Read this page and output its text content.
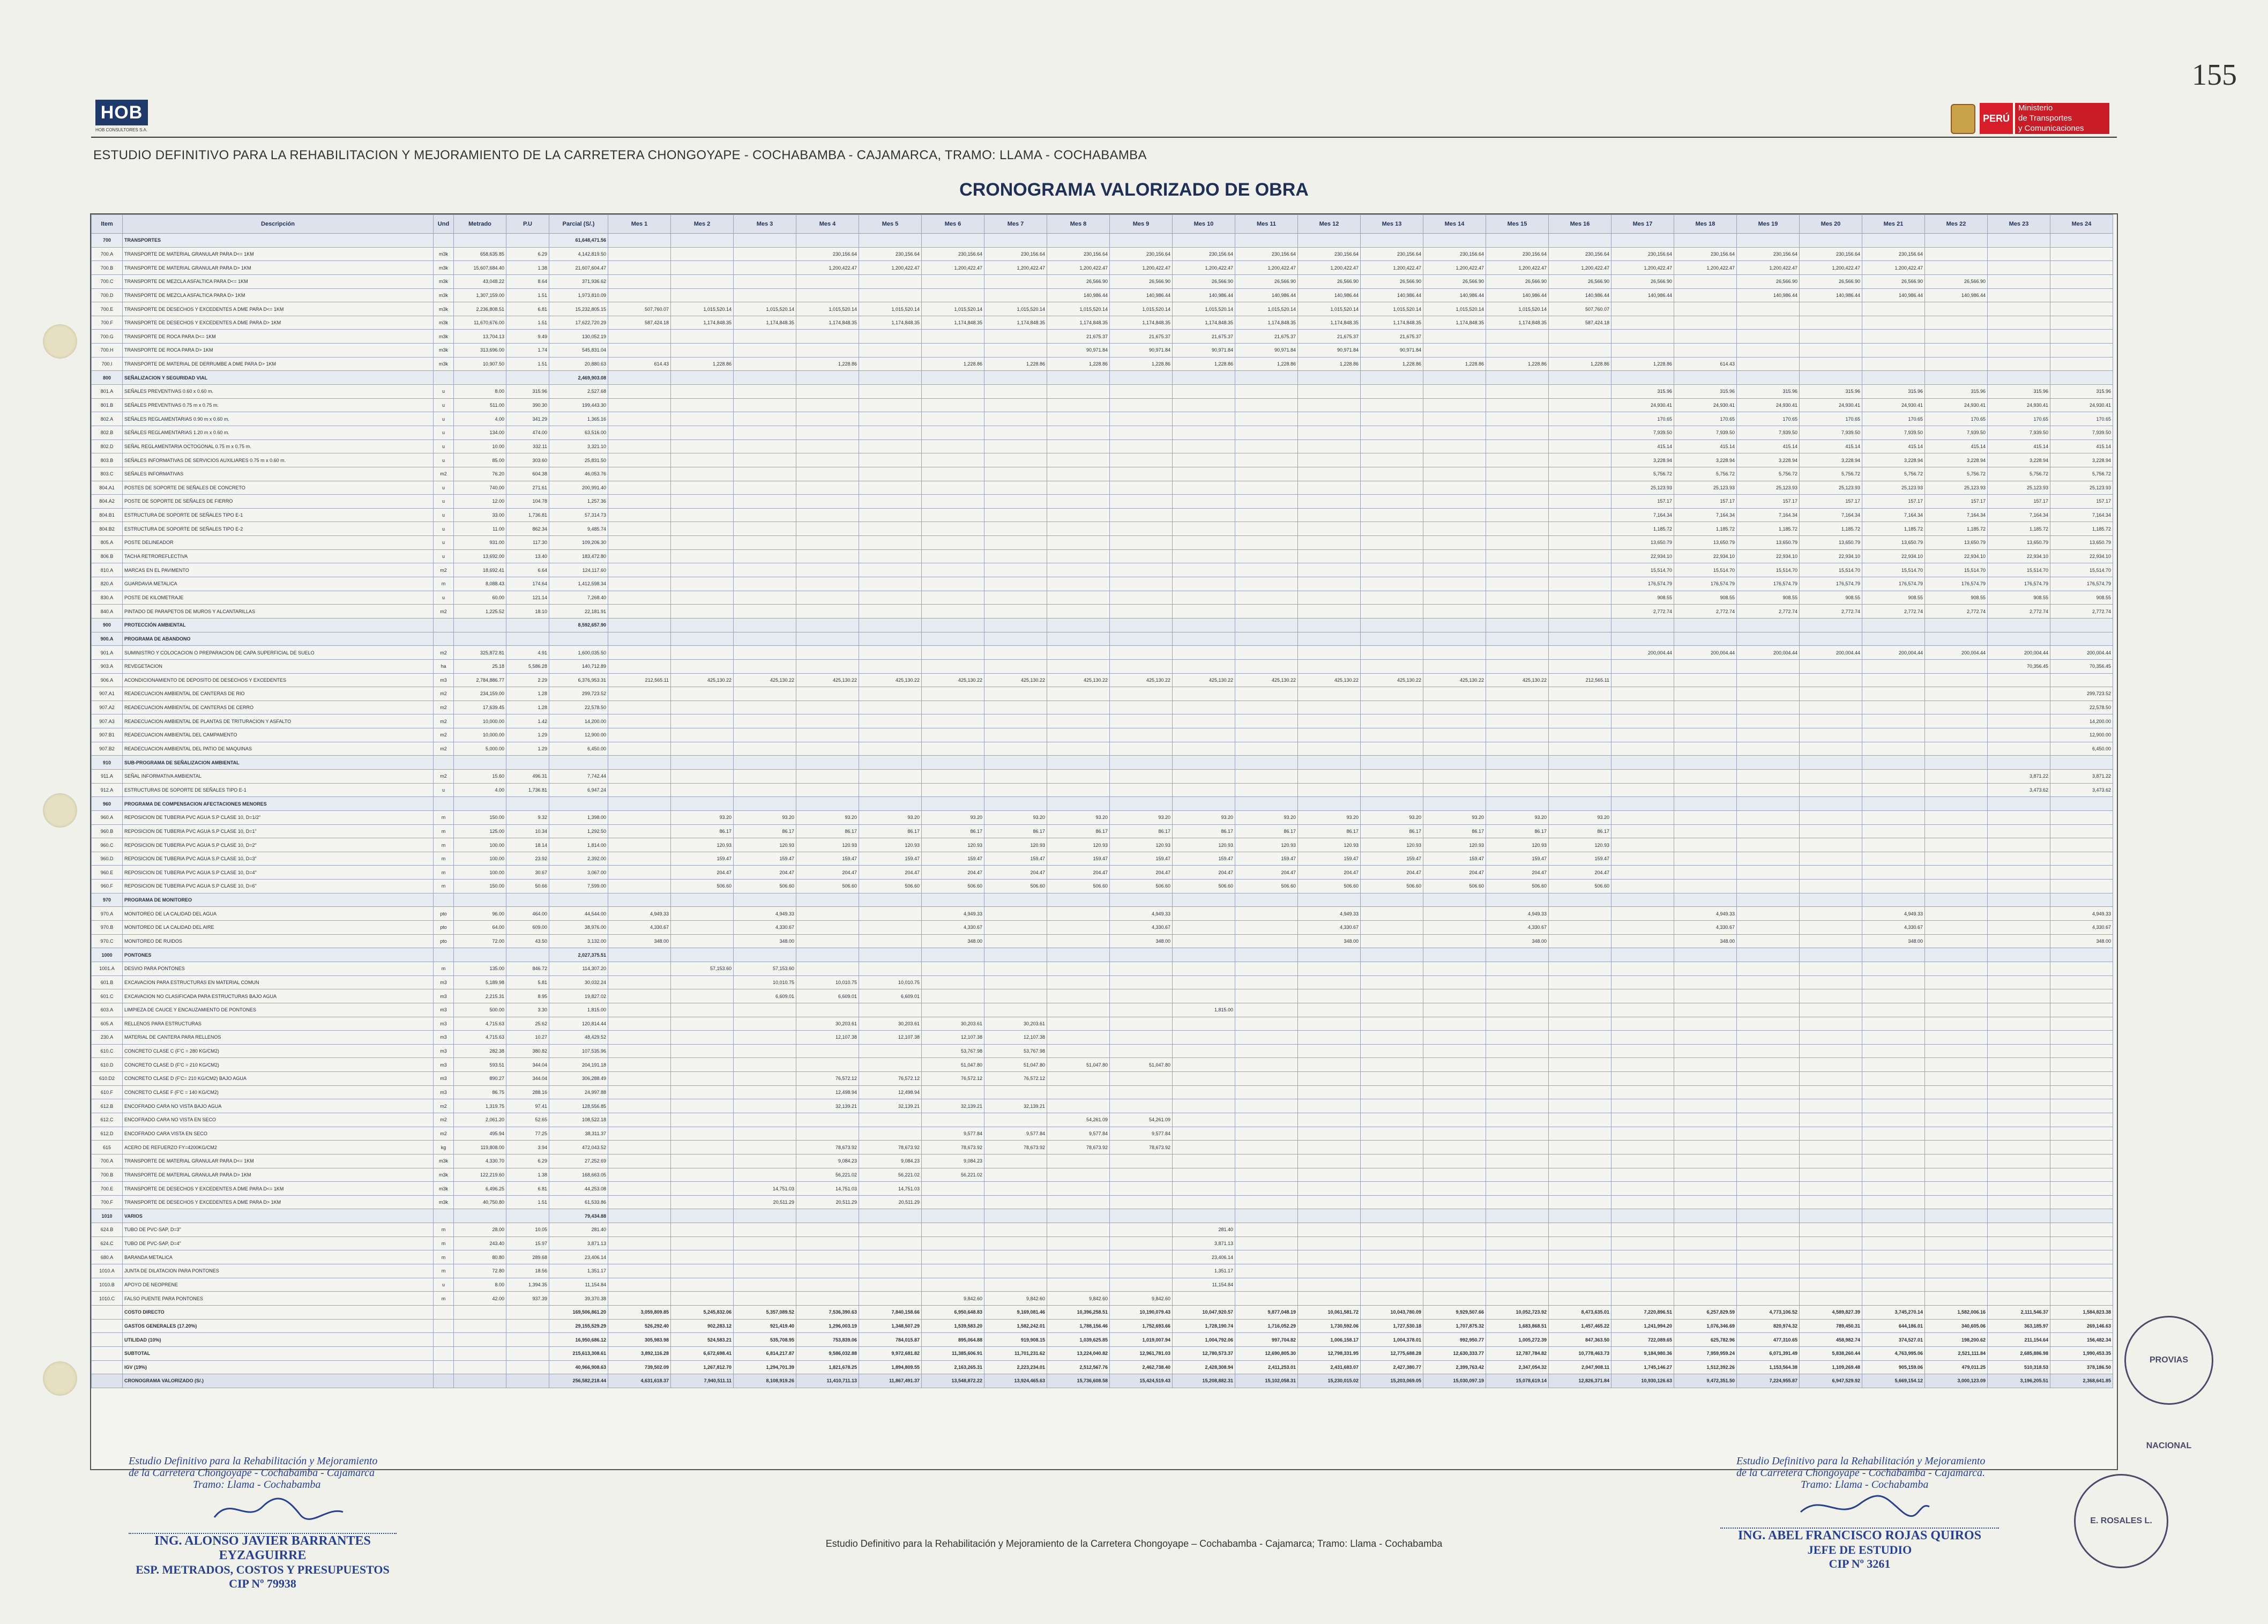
HOB
HOB CONSULTORES S.A.
155
PERÚ
Ministerio
de Transportes
y Comunicaciones
ESTUDIO DEFINITIVO PARA LA REHABILITACION Y MEJORAMIENTO DE LA CARRETERA CHONGOYAPE - COCHABAMBA - CAJAMARCA, TRAMO: LLAMA - COCHABAMBA
CRONOGRAMA VALORIZADO DE OBRA
Item	Descripción	Und	Metrado	P.U	Parcial (S/.)	Mes 1	Mes 2	Mes 3	Mes 4	Mes 5	Mes 6	Mes 7	Mes 8	Mes 9	Mes 10	Mes 11	Mes 12	Mes 13	Mes 14	Mes 15	Mes 16	Mes 17	Mes 18	Mes 19	Mes 20	Mes 21	Mes 22	Mes 23	Mes 24
700	TRANSPORTES				61,648,471.56																								
700.A	TRANSPORTE DE MATERIAL GRANULAR PARA D<= 1KM	m3k	658,635.85	6.29	4,142,819.50				230,156.64	230,156.64	230,156.64	230,156.64	230,156.64	230,156.64	230,156.64	230,156.64	230,156.64	230,156.64	230,156.64	230,156.64	230,156.64	230,156.64	230,156.64	230,156.64	230,156.64	230,156.64			
700.B	TRANSPORTE DE MATERIAL GRANULAR PARA D> 1KM	m3k	15,607,684.40	1.38	21,607,604.47				1,200,422.47	1,200,422.47	1,200,422.47	1,200,422.47	1,200,422.47	1,200,422.47	1,200,422.47	1,200,422.47	1,200,422.47	1,200,422.47	1,200,422.47	1,200,422.47	1,200,422.47	1,200,422.47	1,200,422.47	1,200,422.47	1,200,422.47	1,200,422.47			
700.C	TRANSPORTE DE MEZCLA ASFALTICA PARA D<= 1KM	m3k	43,048.22	8.64	371,936.62								26,566.90	26,566.90	26,566.90	26,566.90	26,566.90	26,566.90	26,566.90	26,566.90	26,566.90	26,566.90		26,566.90	26,566.90	26,566.90	26,566.90		
700.D	TRANSPORTE DE MEZCLA ASFALTICA PARA D> 1KM	m3k	1,307,159.00	1.51	1,973,810.09								140,986.44	140,986.44	140,986.44	140,986.44	140,986.44	140,986.44	140,986.44	140,986.44	140,986.44	140,986.44		140,986.44	140,986.44	140,986.44	140,986.44		
700.E	TRANSPORTE DE DESECHOS Y EXCEDENTES A DME PARA D<= 1KM	m3k	2,236,808.51	6.81	15,232,805.15	507,760.07	1,015,520.14	1,015,520.14	1,015,520.14	1,015,520.14	1,015,520.14	1,015,520.14	1,015,520.14	1,015,520.14	1,015,520.14	1,015,520.14	1,015,520.14	1,015,520.14	1,015,520.14	1,015,520.14	507,760.07								
700.F	TRANSPORTE DE DESECHOS Y EXCEDENTES A DME PARA D> 1KM	m3k	11,670,676.00	1.51	17,622,720.29	587,424.18	1,174,848.35	1,174,848.35	1,174,848.35	1,174,848.35	1,174,848.35	1,174,848.35	1,174,848.35	1,174,848.35	1,174,848.35	1,174,848.35	1,174,848.35	1,174,848.35	1,174,848.35	1,174,848.35	587,424.18								
700.G	TRANSPORTE DE ROCA PARA D<= 1KM	m3k	13,704.13	9.49	130,052.19								21,675.37	21,675.37	21,675.37	21,675.37	21,675.37	21,675.37											
700.H	TRANSPORTE DE ROCA PARA D> 1KM	m3k	313,696.00	1.74	545,831.04								90,971.84	90,971.84	90,971.84	90,971.84	90,971.84	90,971.84											
700.I	TRANSPORTE DE MATERIAL DE DERRUMBE A DME PARA D> 1KM	m3k	10,907.50	1.51	20,880.63	614.43	1,228.86		1,228.86		1,228.86	1,228.86	1,228.86	1,228.86	1,228.86	1,228.86	1,228.86	1,228.86	1,228.86	1,228.86	1,228.86	1,228.86	614.43						
800	SEÑALIZACION Y SEGURIDAD VIAL				2,469,903.08																								
801.A	SEÑALES PREVENTIVAS 0.60 x 0.60 m.	u	8.00	315.96	2,527.68																	315.96	315.96	315.96	315.96	315.96	315.96	315.96	315.96
801.B	SEÑALES PREVENTIVAS 0.75 m x 0.75 m.	u	511.00	390.30	199,443.30																	24,930.41	24,930.41	24,930.41	24,930.41	24,930.41	24,930.41	24,930.41	24,930.41
802.A	SEÑALES REGLAMENTARIAS 0.90 m x 0.60 m.	u	4.00	341.29	1,365.16																	170.65	170.65	170.65	170.65	170.65	170.65	170.65	170.65
802.B	SEÑALES REGLAMENTARIAS 1.20 m x 0.60 m.	u	134.00	474.00	63,516.00																	7,939.50	7,939.50	7,939.50	7,939.50	7,939.50	7,939.50	7,939.50	7,939.50
802.D	SEÑAL REGLAMENTARIA OCTOGONAL 0.75 m x 0.75 m.	u	10.00	332.11	3,321.10																	415.14	415.14	415.14	415.14	415.14	415.14	415.14	415.14
803.B	SEÑALES INFORMATIVAS DE SERVICIOS AUXILIARES 0.75 m x 0.60 m.	u	85.00	303.60	25,831.50																	3,228.94	3,228.94	3,228.94	3,228.94	3,228.94	3,228.94	3,228.94	3,228.94
803.C	SEÑALES INFORMATIVAS	m2	76.20	604.38	46,053.76																	5,756.72	5,756.72	5,756.72	5,756.72	5,756.72	5,756.72	5,756.72	5,756.72
804.A1	POSTES DE SOPORTE DE SEÑALES DE CONCRETO	u	740.00	271.61	200,991.40																	25,123.93	25,123.93	25,123.93	25,123.93	25,123.93	25,123.93	25,123.93	25,123.93
804.A2	POSTE DE SOPORTE DE SEÑALES DE FIERRO	u	12.00	104.78	1,257.36																	157.17	157.17	157.17	157.17	157.17	157.17	157.17	157.17
804.B1	ESTRUCTURA DE SOPORTE DE SEÑALES TIPO E-1	u	33.00	1,736.81	57,314.73																	7,164.34	7,164.34	7,164.34	7,164.34	7,164.34	7,164.34	7,164.34	7,164.34
804.B2	ESTRUCTURA DE SOPORTE DE SEÑALES TIPO E-2	u	11.00	862.34	9,485.74																	1,185.72	1,185.72	1,185.72	1,185.72	1,185.72	1,185.72	1,185.72	1,185.72
805.A	POSTE DELINEADOR	u	931.00	117.30	109,206.30																	13,650.79	13,650.79	13,650.79	13,650.79	13,650.79	13,650.79	13,650.79	13,650.79
806.B	TACHA RETROREFLECTIVA	u	13,692.00	13.40	183,472.80																	22,934.10	22,934.10	22,934.10	22,934.10	22,934.10	22,934.10	22,934.10	22,934.10
810.A	MARCAS EN EL PAVIMENTO	m2	18,692.41	6.64	124,117.60																	15,514.70	15,514.70	15,514.70	15,514.70	15,514.70	15,514.70	15,514.70	15,514.70
820.A	GUARDAVIA METALICA	m	8,088.43	174.64	1,412,598.34																	176,574.79	176,574.79	176,574.79	176,574.79	176,574.79	176,574.79	176,574.79	176,574.79
830.A	POSTE DE KILOMETRAJE	u	60.00	121.14	7,268.40																	908.55	908.55	908.55	908.55	908.55	908.55	908.55	908.55
840.A	PINTADO DE PARAPETOS DE MUROS Y ALCANTARILLAS	m2	1,225.52	18.10	22,181.91																	2,772.74	2,772.74	2,772.74	2,772.74	2,772.74	2,772.74	2,772.74	2,772.74
900	PROTECCIÓN AMBIENTAL				8,592,657.90																								
900.A	PROGRAMA DE ABANDONO																												
901.A	SUMINISTRO Y COLOCACION O PREPARACION DE CAPA SUPERFICIAL DE SUELO	m2	325,872.81	4.91	1,600,035.50																	200,004.44	200,004.44	200,004.44	200,004.44	200,004.44	200,004.44	200,004.44	200,004.44
903.A	REVEGETACION	ha	25.18	5,586.28	140,712.89																							70,356.45	70,356.45
906.A	ACONDICIONAMIENTO DE DEPOSITO DE DESECHOS Y EXCEDENTES	m3	2,784,886.77	2.29	6,376,953.31	212,565.11	425,130.22	425,130.22	425,130.22	425,130.22	425,130.22	425,130.22	425,130.22	425,130.22	425,130.22	425,130.22	425,130.22	425,130.22	425,130.22	425,130.22	212,565.11								
907.A1	READECUACION AMBIENTAL DE CANTERAS DE RIO	m2	234,159.00	1.28	299,723.52																								299,723.52
907.A2	READECUACION AMBIENTAL DE CANTERAS DE CERRO	m2	17,639.45	1.28	22,578.50																								22,578.50
907.A3	READECUACION AMBIENTAL DE PLANTAS DE TRITURACION Y ASFALTO	m2	10,000.00	1.42	14,200.00																								14,200.00
907.B1	READECUACION AMBIENTAL DEL CAMPAMENTO	m2	10,000.00	1.29	12,900.00																								12,900.00
907.B2	READECUACION AMBIENTAL DEL PATIO DE MAQUINAS	m2	5,000.00	1.29	6,450.00																								6,450.00
910	SUB-PROGRAMA DE SEÑALIZACION AMBIENTAL																												
911.A	SEÑAL INFORMATIVA AMBIENTAL	m2	15.60	496.31	7,742.44																							3,871.22	3,871.22
912.A	ESTRUCTURAS DE SOPORTE DE SEÑALES TIPO E-1	u	4.00	1,736.81	6,947.24																							3,473.62	3,473.62
960	PROGRAMA DE COMPENSACION AFECTACIONES MENORES																												
960.A	REPOSICION DE TUBERIA PVC AGUA S.P CLASE 10, D=1/2"	m	150.00	9.32	1,398.00		93.20	93.20	93.20	93.20	93.20	93.20	93.20	93.20	93.20	93.20	93.20	93.20	93.20	93.20	93.20								
960.B	REPOSICION DE TUBERIA PVC AGUA S.P CLASE 10, D=1"	m	125.00	10.34	1,292.50		86.17	86.17	86.17	86.17	86.17	86.17	86.17	86.17	86.17	86.17	86.17	86.17	86.17	86.17	86.17								
960.C	REPOSICION DE TUBERIA PVC AGUA S.P CLASE 10, D=2"	m	100.00	18.14	1,814.00		120.93	120.93	120.93	120.93	120.93	120.93	120.93	120.93	120.93	120.93	120.93	120.93	120.93	120.93	120.93								
960.D	REPOSICION DE TUBERIA PVC AGUA S.P CLASE 10, D=3"	m	100.00	23.92	2,392.00		159.47	159.47	159.47	159.47	159.47	159.47	159.47	159.47	159.47	159.47	159.47	159.47	159.47	159.47	159.47								
960.E	REPOSICION DE TUBERIA PVC AGUA S.P CLASE 10, D=4"	m	100.00	30.67	3,067.00		204.47	204.47	204.47	204.47	204.47	204.47	204.47	204.47	204.47	204.47	204.47	204.47	204.47	204.47	204.47								
960.F	REPOSICION DE TUBERIA PVC AGUA S.P CLASE 10, D=6"	m	150.00	50.66	7,599.00		506.60	506.60	506.60	506.60	506.60	506.60	506.60	506.60	506.60	506.60	506.60	506.60	506.60	506.60	506.60								
970	PROGRAMA DE MONITOREO																												
970.A	MONITOREO DE LA CALIDAD DEL AGUA	pto	96.00	464.00	44,544.00	4,949.33		4,949.33			4,949.33			4,949.33			4,949.33			4,949.33			4,949.33			4,949.33			4,949.33
970.B	MONITOREO DE LA CALIDAD DEL AIRE	pto	64.00	609.00	38,976.00	4,330.67		4,330.67			4,330.67			4,330.67			4,330.67			4,330.67			4,330.67			4,330.67			4,330.67
970.C	MONITOREO DE RUIDOS	pto	72.00	43.50	3,132.00	348.00		348.00			348.00			348.00			348.00			348.00			348.00			348.00			348.00
1000	PONTONES				2,027,375.51																								
1001.A	DESVIO PARA PONTONES	m	135.00	846.72	114,307.20		57,153.60	57,153.60																					
601.B	EXCAVACION PARA ESTRUCTURAS EN MATERIAL COMUN	m3	5,189.98	5.81	30,032.24			10,010.75	10,010.75	10,010.75																			
601.C	EXCAVACION NO CLASIFICADA PARA ESTRUCTURAS BAJO AGUA	m3	2,215.31	8.95	19,827.02			6,609.01	6,609.01	6,609.01																			
603.A	LIMPIEZA DE CAUCE Y ENCAUZAMIENTO DE PONTONES	m3	500.00	3.30	1,815.00										1,815.00														
605.A	RELLENOS PARA ESTRUCTURAS	m3	4,715.63	25.62	120,814.44				30,203.61	30,203.61	30,203.61	30,203.61																	
230.A	MATERIAL DE CANTERA PARA RELLENOS	m3	4,715.63	10.27	48,429.52				12,107.38	12,107.38	12,107.38	12,107.38																	
610.C	CONCRETO CLASE C (F'C = 280 KG/CM2)	m3	282.38	380.82	107,535.96						53,767.98	53,767.98																	
610.D	CONCRETO CLASE D (F'C = 210 KG/CM2)	m3	593.51	344.04	204,191.18						51,047.80	51,047.80	51,047.80	51,047.80															
610.D2	CONCRETO CLASE D (F'C= 210 KG/CM2) BAJO AGUA	m3	890.27	344.04	306,288.49				76,572.12	76,572.12	76,572.12	76,572.12																	
610.F	CONCRETO CLASE F (F'C = 140 KG/CM2)	m3	86.75	288.16	24,997.88				12,498.94	12,498.94																			
612.B	ENCOFRADO CARA NO VISTA BAJO AGUA	m2	1,319.75	97.41	128,556.85				32,139.21	32,139.21	32,139.21	32,139.21																	
612.C	ENCOFRADO CARA NO VISTA EN SECO	m2	2,061.20	52.65	108,522.18								54,261.09	54,261.09															
612.D	ENCOFRADO CARA VISTA EN SECO	m2	495.94	77.25	38,311.37						9,577.84	9,577.84	9,577.84	9,577.84															
615	ACERO DE REFUERZO FY=4200KG/CM2	kg	119,808.00	3.94	472,043.52				78,673.92	78,673.92	78,673.92	78,673.92	78,673.92	78,673.92															
700.A	TRANSPORTE DE MATERIAL GRANULAR PARA D<= 1KM	m3k	4,330.70	6.29	27,252.69				9,084.23	9,084.23	9,084.23																		
700.B	TRANSPORTE DE MATERIAL GRANULAR PARA D> 1KM	m3k	122,219.60	1.38	168,663.05				56,221.02	56,221.02	56,221.02																		
700.E	TRANSPORTE DE DESECHOS Y EXCEDENTES A DME PARA D<= 1KM	m3k	6,496.25	6.81	44,253.08			14,751.03	14,751.03	14,751.03																			
700.F	TRANSPORTE DE DESECHOS Y EXCEDENTES A DME PARA D> 1KM	m3k	40,750.80	1.51	61,533.86			20,511.29	20,511.29	20,511.29																			
1010	VARIOS				79,434.88																								
624.B	TUBO DE PVC-SAP, D=3"	m	28.00	10.05	281.40										281.40														
624.C	TUBO DE PVC-SAP, D=4"	m	243.40	15.97	3,871.13										3,871.13														
680.A	BARANDA METALICA	m	80.80	289.68	23,406.14										23,406.14														
1010.A	JUNTA DE DILATACION PARA PONTONES	m	72.80	18.56	1,351.17										1,351.17														
1010.B	APOYO DE NEOPRENE	u	8.00	1,394.35	11,154.84										11,154.84														
1010.C	FALSO PUENTE PARA PONTONES	m	42.00	937.39	39,370.38						9,842.60	9,842.60	9,842.60	9,842.60															
	COSTO DIRECTO				169,506,861.20	3,059,809.85	5,245,832.06	5,357,089.52	7,536,390.63	7,840,158.66	6,950,648.83	9,169,081.46	10,396,258.51	10,190,079.43	10,047,920.57	9,877,048.19	10,061,581.72	10,043,780.09	9,929,507.66	10,052,723.92	8,473,635.01	7,220,896.51	6,257,829.59	4,773,106.52	4,589,827.39	3,745,270.14	1,582,006.16	2,111,546.37	1,584,823.38
	GASTOS GENERALES (17.20%)				29,155,529.29	526,292.40	902,283.12	921,419.40	1,296,003.19	1,348,507.29	1,539,583.20	1,582,242.01	1,788,156.46	1,752,693.66	1,728,190.74	1,716,052.29	1,730,592.06	1,727,530.18	1,707,875.32	1,683,868.51	1,457,465.22	1,241,994.20	1,076,346.69	820,974.32	789,450.31	644,186.01	340,605.06	363,185.97	269,146.63
	UTILIDAD (10%)				16,950,686.12	305,983.98	524,583.21	535,708.95	753,839.06	784,015.87	895,064.88	919,908.15	1,039,625.85	1,019,007.94	1,004,792.06	997,704.82	1,006,158.17	1,004,378.01	992,950.77	1,005,272.39	847,363.50	722,089.65	625,782.96	477,310.65	458,982.74	374,527.01	198,200.62	211,154.64	156,482.34
	SUBTOTAL				215,613,308.61	3,892,116.28	6,672,698.41	6,814,217.87	9,586,032.88	9,972,681.82	11,385,606.91	11,701,231.62	13,224,040.82	12,961,781.03	12,780,573.37	12,690,805.30	12,798,331.95	12,775,688.28	12,630,333.77	12,787,784.82	10,778,463.73	9,184,980.36	7,959,959.24	6,071,391.49	5,838,260.44	4,763,995.06	2,521,111.84	2,685,886.98	1,990,453.35
	IGV (19%)				40,966,908.63	739,502.09	1,267,812.70	1,294,701.39	1,821,678.25	1,894,809.55	2,163,265.31	2,223,234.01	2,512,567.76	2,462,738.40	2,428,308.94	2,411,253.01	2,431,683.07	2,427,380.77	2,399,763.42	2,347,054.32	2,047,908.11	1,745,146.27	1,512,392.26	1,153,564.38	1,109,269.48	905,159.06	479,011.25	510,318.53	378,186.50
	CRONOGRAMA VALORIZADO (S/.)				256,582,218.44	4,631,618.37	7,940,511.11	8,108,919.26	11,410,711.13	11,867,491.37	13,548,872.22	13,924,465.63	15,736,608.58	15,424,519.43	15,208,882.31	15,102,058.31	15,230,015.02	15,203,069.05	15,030,097.19	15,078,619.14	12,826,371.84	10,930,126.63	9,472,351.50	7,224,955.87	6,947,529.92	5,669,154.12	3,000,123.09	3,196,205.51	2,368,641.85
Estudio Definitivo para la Rehabilitación y Mejoramiento de la Carretera Chongoyape – Cochabamba - Cajamarca; Tramo: Llama - Cochabamba
Estudio Definitivo para la Rehabilitación y Mejoramiento
de la Carretera Chongoyape - Cochabamba - Cajamarca
Tramo: Llama - Cochabamba
ING. ALONSO JAVIER BARRANTES EYZAGUIRRE
ESP. METRADOS, COSTOS Y PRESUPUESTOS
CIP Nº 79938
Estudio Definitivo para la Rehabilitación y Mejoramiento
de la Carretera Chongoyape - Cochabamba - Cajamarca.
Tramo: Llama - Cochabamba
ING. ABEL FRANCISCO ROJAS QUIROS
JEFE DE ESTUDIO
CIP Nº 3261
PROVIAS NACIONAL
E. ROSALES L.
